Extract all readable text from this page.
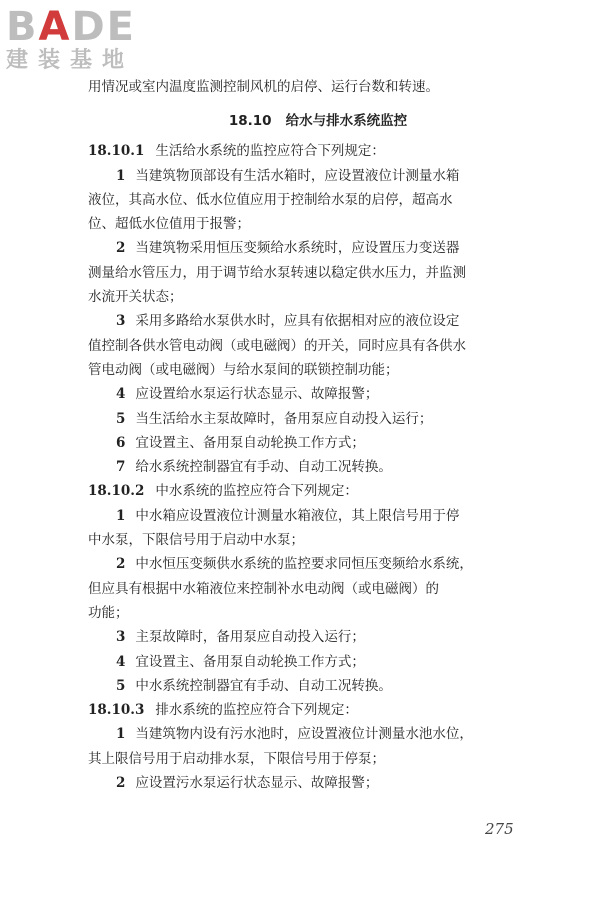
BADE
建装基地
用情况或室内温度监测控制风机的启停、运行台数和转速。
18.10 给水与排水系统监控
18.10.1  生活给水系统的监控应符合下列规定：
1 当建筑物顶部设有生活水箱时，应设置液位计测量水箱
液位，其高水位、低水位值应用于控制给水泵的启停，超高水
位、超低水位值用于报警；
2 当建筑物采用恒压变频给水系统时，应设置压力变送器
测量给水管压力，用于调节给水泵转速以稳定供水压力，并监测
水流开关状态；
3 采用多路给水泵供水时，应具有依据相对应的液位设定
值控制各供水管电动阀（或电磁阀）的开关，同时应具有各供水
管电动阀（或电磁阀）与给水泵间的联锁控制功能；
4 应设置给水泵运行状态显示、故障报警；
5 当生活给水主泵故障时，备用泵应自动投入运行；
6 宜设置主、备用泵自动轮换工作方式；
7 给水系统控制器宜有手动、自动工况转换。
18.10.2  中水系统的监控应符合下列规定：
1 中水箱应设置液位计测量水箱液位，其上限信号用于停
中水泵，下限信号用于启动中水泵；
2 中水恒压变频供水系统的监控要求同恒压变频给水系统，
但应具有根据中水箱液位来控制补水电动阀（或电磁阀）的
功能；
3 主泵故障时，备用泵应自动投入运行；
4 宜设置主、备用泵自动轮换工作方式；
5 中水系统控制器宜有手动、自动工况转换。
18.10.3  排水系统的监控应符合下列规定：
1 当建筑物内设有污水池时，应设置液位计测量水池水位，
其上限信号用于启动排水泵，下限信号用于停泵；
2 应设置污水泵运行状态显示、故障报警；
275
